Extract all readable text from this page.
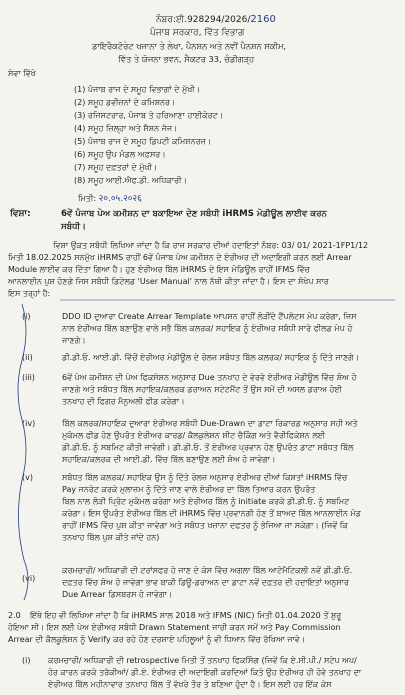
ਨੰਬਰ:ਈ.928294/2026/2160
ਪੰਜਾਬ ਸਰਕਾਰ, ਵਿੱਤ ਵਿਭਾਗ
ਡਾਇਰੈਕਟੋਰੇਟ ਖਜਾਨਾ ਤੇ ਲੇਖਾ, ਪੈਨਸ਼ਨ ਅਤੇ ਨਵੀਂ ਪੈਨਸ਼ਨ ਸਕੀਮ,
ਵਿੱਤ ਤੇ ਯੋਜਨਾ ਭਵਨ, ਸੈਕਟਰ 33, ਚੰਡੀਗੜ੍ਹ
ਸੇਵਾ ਵਿੱਖੇ
(1) ਪੰਜਾਬ ਰਾਜ ਦੇ ਸਮੂਹ ਵਿਭਾਗਾਂ ਦੇ ਮੁੱਖੀ।
(2) ਸਮੂਹ ਡਵੀਜ਼ਨਾਂ ਦੇ ਕਮਿਸ਼ਨਰ।
(3) ਰਜਿਸਟਰਾਰ, ਪੰਜਾਬ ਤੇ ਹਰਿਆਣਾ ਹਾਈਕੋਰਟ।
(4) ਸਮੂਹ ਜ਼ਿਲ੍ਹਾ ਅਤੇ ਸੈਸ਼ਨ ਜੱਜ।
(5) ਪੰਜਾਬ ਰਾਜ ਦੇ ਸਮੂਹ ਡਿਪਟੀ ਕਮਿਸ਼ਨਰਜ਼।
(6) ਸਮੂਹ ਉਪ ਮੰਡਲ ਅਫ਼ਸਰ।
(7) ਸਮੂਹ ਦਫ਼ਤਰਾਂ ਦੇ ਮੁੱਖੀ।
(8) ਸਮੂਹ ਆਈ.ਐਫ.ਡੀ. ਅਧਿਕਾਰੀ।
ਮਿਤੀ: २०.०५.२०२६
ਵਿਸ਼ਾ:	6ਵੇਂ ਪੰਜਾਬ ਪੇਅ ਕਮੀਸ਼ਨ ਦਾ ਬਕਾਇਆ ਦੇਣ ਸਬੰਧੀ iHRMS ਮੋਡੀਊਲ ਲਾਈਵ ਕਰਨ
ਸਬੰਧੀ।
ਵਿਸ਼ਾ ਉਕਤ ਸਬੰਧੀ ਲਿਖਿਆ ਜਾਂਦਾ ਹੈ ਕਿ ਰਾਜ ਸਰਕਾਰ ਦੀਆਂ ਹਦਾਇਤਾਂ ਨੰਬਰ: 03/ 01/ 2021-1FP1/12
ਮਿਤੀ 18.02.2025 ਸਨਮੁੱਖ iHRMS ਰਾਹੀਂ 6ਵੇਂ ਪੰਜਾਬ ਪੇਅ ਕਮੀਸ਼ਨ ਦੇ ਏਰੀਅਰ ਦੀ ਅਦਾਇਗੀ ਕਰਨ ਲਈ Arrear
Module ਲਾਈਵ ਕਰ ਦਿੱਤਾ ਗਿਆ ਹੈ। ਹੁਣ ਏਰੀਅਰ ਬਿੱਲ iHRMS ਦੇ ਇਸ ਮੋਡਿਊਲ ਰਾਹੀਂ IFMS ਵਿੱਚ
ਆਨਲਾਈਨ ਪੁਸ਼ ਹੋਣਗੇ ਜਿਸ ਸਬੰਧੀ ਡਿਟੇਲਡ 'User Manual' ਨਾਲ ਨੱਥੀ ਕੀਤਾ ਜਾਂਦਾ ਹੈ। ਇਸ ਦਾ ਸੰਖੇਪ ਸਾਰ
ਇਸ ਤਰ੍ਹਾਂ ਹੈ:
(i)	DDO ID ਦੁਆਰਾ Create Arrear Template ਆਪਸ਼ਨ ਰਾਹੀਂ ਲੋੜੀਂਦੇ ਟੈਂਪਲੇਟਸ ਮੇਪ ਕਰੇਗਾ, ਜਿਸ
ਨਾਲ ਏਰੀਅਰ ਬਿੱਲ ਬਣਾਉਣ ਵਾਲੇ ਸਭੈ ਬਿੱਲ ਕਲਰਕ/ ਸਹਾਇਕ ਨੂੰ ਏਰੀਅਰ ਸਬੰਧੀ ਸਾਰੇ ਫੀਲਡ ਮੇਪ ਹੋ
ਜਾਣਗੇ।
(ii)	ਡੀ.ਡੀ.ਓ. ਆਈ.ਡੀ. ਵਿੱਚੋਂ ਏਰੀਅਰ ਮੋਡੀਊਲ ਦੇ ਰੋਲਜ਼ ਸਬੰਧਤ ਬਿੱਲ ਕਲਰਕ/ ਸਹਾਇਕ ਨੂੰ ਦਿੱਤੇ ਜਾਣਗੇ।
(iii)	6ਵੇਂ ਪੇਅ ਕਮੀਸ਼ਨ ਦੀ ਪੇਅ ਫਿਕਸੇਸ਼ਨ ਅਨੁਸਾਰ Due ਤਨਖਾਹ ਦੇ ਵੇਰਵੇ ਏਰੀਅਰ ਮੋਡੀਊਲ ਵਿੱਚ ਸ਼ੋਅ ਹੋ
ਜਾਣਗੇ ਅਤੇ ਸਬੰਧਤ ਬਿੱਲ ਸਹਾਇਕ/ਕਲਰਕ ਡਰਾਅਨ ਸਟੇਟਮੈਂਟ ਤੋਂ ਉਸ ਸਮੇਂ ਦੀ ਅਸਲ ਡਰਾਅ ਹੋਈ
ਤਨਖਾਹ ਦੀ ਫਿਗਰ ਮੈਨੁਅਲੀ ਫੀਡ ਕਰੇਗਾ।
(iv)	ਬਿੱਲ ਕਲਰਕ/ਸਹਾਇਕ ਦੁਆਰਾ ਏਰੀਅਰ ਸਬੰਧੀ Due-Drawn ਦਾ ਡਾਟਾ ਰਿਕਾਰਡ ਅਨੁਸਾਰ ਸਹੀ ਅਤੇ
ਮੁਕੰਮਲ ਫੀਡ ਹੋਣ ਉਪਰੰਤ ਏਰੀਅਰ ਕਾਰਡ/ ਕੈਲਕੁਲੇਸ਼ਨ ਸ਼ੀਟ ਚੈਕਿੰਗ ਅਤੇ ਵੈਰੀਫਿਕੇਸ਼ਨ ਲਈ
ਡੀ.ਡੀ.ਓ. ਨੂੰ ਸਬਮਿਟ ਕੀਤੀ ਜਾਵੇਗੀ। ਡੀ.ਡੀ.ਓ. ਤੋਂ ਏਰੀਅਰ ਪ੍ਰਵਾਨ ਹੋਣ ਉਪਰੰਤ ਡਾਟਾ ਸਬੰਧਤ ਬਿੱਲ
ਸਹਾਇਕ/ਕਲਰਕ ਦੀ ਆਈ.ਡੀ. ਵਿੱਚ ਬਿੱਲ ਬਣਾਉਣ ਲਈ ਸ਼ੋਅ ਹੋ ਜਾਵੇਗਾ।
(v)	ਸਬੰਧਤ ਬਿੱਲ ਕਲਰਕ/ ਸਹਾਇਕ ਉਸ ਨੂੰ ਦਿੱਤੇ ਰੋਲਜ਼ ਅਨੁਸਾਰ ਏਰੀਅਰ ਦੀਆਂ ਕਿਸ਼ਤਾਂ iHRMS ਵਿੱਚ
Pay ਜਨਰੇਟ ਕਰਕੇ ਮੁਲਾਜ਼ਮ ਨੂੰ ਦਿੱਤੇ ਜਾਣ ਵਾਲੇ ਏਰੀਅਰ ਦਾ ਬਿੱਲ ਤਿਆਰ ਕਰਨ ਉਪਰੰਤ
ਬਿਲ ਨਾਲ ਲੋੜੀ ਪ੍ਰਿੰਟ ਮੁਕੰਮਲ ਕਰੇਗਾ ਅਤੇ ਏਰੀਅਰ ਬਿੱਲ ਨੂੰ initiate ਕਰਕੇ ਡੀ.ਡੀ.ਓ. ਨੂੰ ਸਬਮਿਟ
ਕਰੇਗਾ। ਇਸ ਉਪਰੰਤ ਏਰੀਅਰ ਬਿੱਲ ਦੀ iHRMS ਵਿੱਚ ਪ੍ਰਵਾਨਗੀ ਹੋਣ ਤੋਂ ਬਾਅਦ ਬਿੱਲ ਆਨਲਾਈਨ ਮੋਡ
ਰਾਹੀਂ IFMS ਵਿੱਚ ਪੁਸ਼ ਕੀਤਾ ਜਾਵੇਗਾ ਅਤੇ ਸਬੰਧਤ ਖਜ਼ਾਨਾ ਦਫਤਰ ਨੂੰ ਭੇਜਿਆ ਜਾ ਸਕੇਗਾ। (ਜਿਵੇਂ ਕਿ
ਤਨਖਾਹ ਬਿੱਲ ਪੁਸ਼ ਕੀਤੇ ਜਾਂਦੇ ਹਨ)
(vi)
ਕਰਮਚਾਰੀ/ ਅਧਿਕਾਰੀ ਦੀ ਟਰਾਂਸਫਰ ਹੋ ਜਾਣ ਦੇ ਕੇਸ ਵਿੱਚ ਅਗਲਾ ਬਿੱਲ ਆਟੋਮੈਟਿਕਲੀ ਨਵੇਂ ਡੀ.ਡੀ.ਓ.
ਦਫ਼ਤਰ ਵਿੱਚ ਸ਼ੋਅ ਹੋ ਜਾਵੇਗਾ ਭਾਵ ਬਾਕੀ ਡਿਊ-ਡਰਾਅਨ ਦਾ ਡਾਟਾ ਨਵੇਂ ਦਫ਼ਤਰ ਦੀ ਹਦਾਇਤਾਂ ਅਨੁਸਾਰ
Due Arrear ਡਿਸਬਰਸ ਹੋ ਜਾਵੇਗਾ।
2.0 ਇੱਥੇ ਇਹ ਵੀ ਲਿਖਿਆ ਜਾਂਦਾ ਹੈ ਕਿ iHRMS ਸਾਲ 2018 ਅਤੇ IFMS (NIC) ਮਿਤੀ 01.04.2020 ਤੋਂ ਸ਼ੁਰੂ
ਹੋਇਆ ਸੀ। ਇਸ ਲਈ ਪੇਅ ਏਰੀਅਰ ਸਬੰਧੀ Drawn Statement ਜਾਰੀ ਕਰਨ ਸਮੇਂ ਅਤੇ Pay Commission
Arrear ਦੀ ਕੈਲਕੂਲੇਸ਼ਨ ਨੂੰ Verify ਕਰ ਰਹੇ ਹੋਣ ਦਰਸ਼ਾਏ ਪਹਿਲੂਆਂ ਨੂੰ ਵੀ ਧਿਆਨ ਵਿੱਚ ਰੱਖਿਆ ਜਾਵੇ।
(i) ਕਰਮਚਾਰੀ/ ਅਧਿਕਾਰੀ ਦੀ retrospective ਮਿਤੀ ਤੋਂ ਤਨਖਾਹ ਫਿਕਸਿੰਗ (ਜਿਵੇਂ ਕਿ ਏ.ਸੀ.ਪੀ./ ਸਟੇਪ ਅਪ/
ਹੋਰ ਕਾਰਨ ਕਰਕੇ ਤਰੱਕੀਆਂ/ ਡੀ.ਏ. ਏਰੀਅਰ ਦੀ ਅਦਾਇਗੀ ਕਰਦਿਆਂ ਕਿਤੇ ਉਹ ਏਰੀਅਰ ਹੀ ਹੋਵੇ ਤਨਖਾਹ ਦਾ
ਏਰੀਅਰ ਬਿੱਲ ਮਹੀਨਾਵਾਰ ਤਨਖਾਹ ਬਿੱਲ ਤੋਂ ਵੱਖਰੇ ਤੌਰ ਤੇ ਬਣਿਆ ਹੁੰਦਾ ਹੈ। ਇਸ ਲਈ ਹਰ ਇੱਕ ਕੇਸ
